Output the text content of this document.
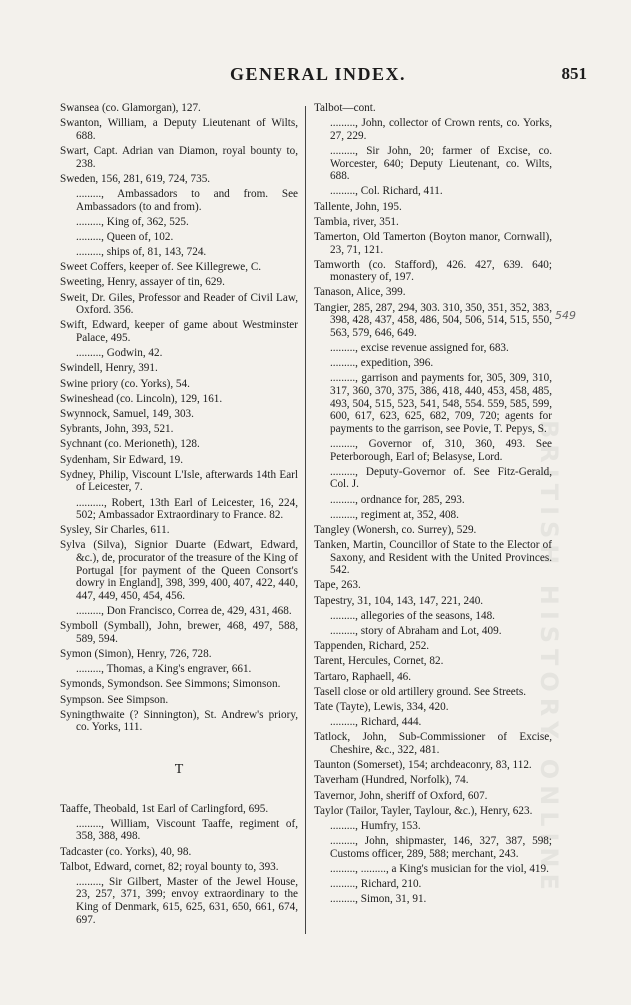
GENERAL INDEX.	851
BRITISH HISTORY ONLINE
Swansea (co. Glamorgan), 127.
Swanton, William, a Deputy Lieutenant of Wilts, 688.
Swart, Capt. Adrian van Diamon, royal bounty to, 238.
Sweden, 156, 281, 619, 724, 735.
........., Ambassadors to and from. See Ambassadors (to and from).
........., King of, 362, 525.
........., Queen of, 102.
........., ships of, 81, 143, 724.
Sweet Coffers, keeper of. See Killegrewe, C.
Sweeting, Henry, assayer of tin, 629.
Sweit, Dr. Giles, Professor and Reader of Civil Law, Oxford. 356.
Swift, Edward, keeper of game about Westminster Palace, 495.
........., Godwin, 42.
Swindell, Henry, 391.
Swine priory (co. Yorks), 54.
Swineshead (co. Lincoln), 129, 161.
Swynnock, Samuel, 149, 303.
Sybrants, John, 393, 521.
Sychnant (co. Merioneth), 128.
Sydenham, Sir Edward, 19.
Sydney, Philip, Viscount L'Isle, afterwards 14th Earl of Leicester, 7.
.........., Robert, 13th Earl of Leicester, 16, 224, 502; Ambassador Extraordinary to France. 82.
Sysley, Sir Charles, 611.
Sylva (Silva), Signior Duarte (Edwart, Edward, &c.), de, procurator of the treasure of the King of Portugal [for payment of the Queen Consort's dowry in England], 398, 399, 400, 407, 422, 440, 447, 449, 450, 454, 456.
........., Don Francisco, Correa de, 429, 431, 468.
Symboll (Symball), John, brewer, 468, 497, 588, 589, 594.
Symon (Simon), Henry, 726, 728.
........., Thomas, a King's engraver, 661.
Symonds, Symondson. See Simmons; Simonson.
Sympson. See Simpson.
Syningthwaite (? Sinnington), St. Andrew's priory, co. Yorks, 111.
T
Taaffe, Theobald, 1st Earl of Carlingford, 695.
........., William, Viscount Taaffe, regiment of, 358, 388, 498.
Tadcaster (co. Yorks), 40, 98.
Talbot, Edward, cornet, 82; royal bounty to, 393.
........., Sir Gilbert, Master of the Jewel House, 23, 257, 371, 399; envoy extraordinary to the King of Denmark, 615, 625, 631, 650, 661, 674, 697.
Talbot—cont.
........., John, collector of Crown rents, co. Yorks, 27, 229.
........., Sir John, 20; farmer of Excise, co. Worcester, 640; Deputy Lieutenant, co. Wilts, 688.
........., Col. Richard, 411.
Tallente, John, 195.
Tambia, river, 351.
Tamerton, Old Tamerton (Boyton manor, Cornwall), 23, 71, 121.
Tamworth (co. Stafford), 426. 427, 639. 640; monastery of, 197.
Tanason, Alice, 399.
Tangier, 285, 287, 294, 303. 310, 350, 351, 352, 383, 398, 428, 437, 458, 486, 504, 506, 514, 515, 550, 563, 579, 646, 649.
........., excise revenue assigned for, 683.
........., expedition, 396.
........., garrison and payments for, 305, 309, 310, 317, 360, 370, 375, 386, 418, 440, 453, 458, 485, 493, 504, 515, 523, 541, 548, 554. 559, 585, 599, 600, 617, 623, 625, 682, 709, 720; agents for payments to the garrison, see Povie, T. Pepys, S.
........., Governor of, 310, 360, 493. See Peterborough, Earl of; Belasyse, Lord.
........., Deputy-Governor of. See Fitz-Gerald, Col. J.
........., ordnance for, 285, 293.
........., regiment at, 352, 408.
Tangley (Wonersh, co. Surrey), 529.
Tanken, Martin, Councillor of State to the Elector of Saxony, and Resident with the United Provinces. 542.
Tape, 263.
Tapestry, 31, 104, 143, 147, 221, 240.
........., allegories of the seasons, 148.
........., story of Abraham and Lot, 409.
Tappenden, Richard, 252.
Tarent, Hercules, Cornet, 82.
Tartaro, Raphaell, 46.
Tasell close or old artillery ground. See Streets.
Tate (Tayte), Lewis, 334, 420.
........., Richard, 444.
Tatlock, John, Sub-Commissioner of Excise, Cheshire, &c., 322, 481.
Taunton (Somerset), 154; archdeaconry, 83, 112.
Taverham (Hundred, Norfolk), 74.
Tavernor, John, sheriff of Oxford, 607.
Taylor (Tailor, Tayler, Taylour, &c.), Henry, 623.
........., Humfry, 153.
........., John, shipmaster, 146, 327, 387, 598; Customs officer, 289, 588; merchant, 243.
........., ........., a King's musician for the viol, 419.
........., Richard, 210.
........., Simon, 31, 91.
549
